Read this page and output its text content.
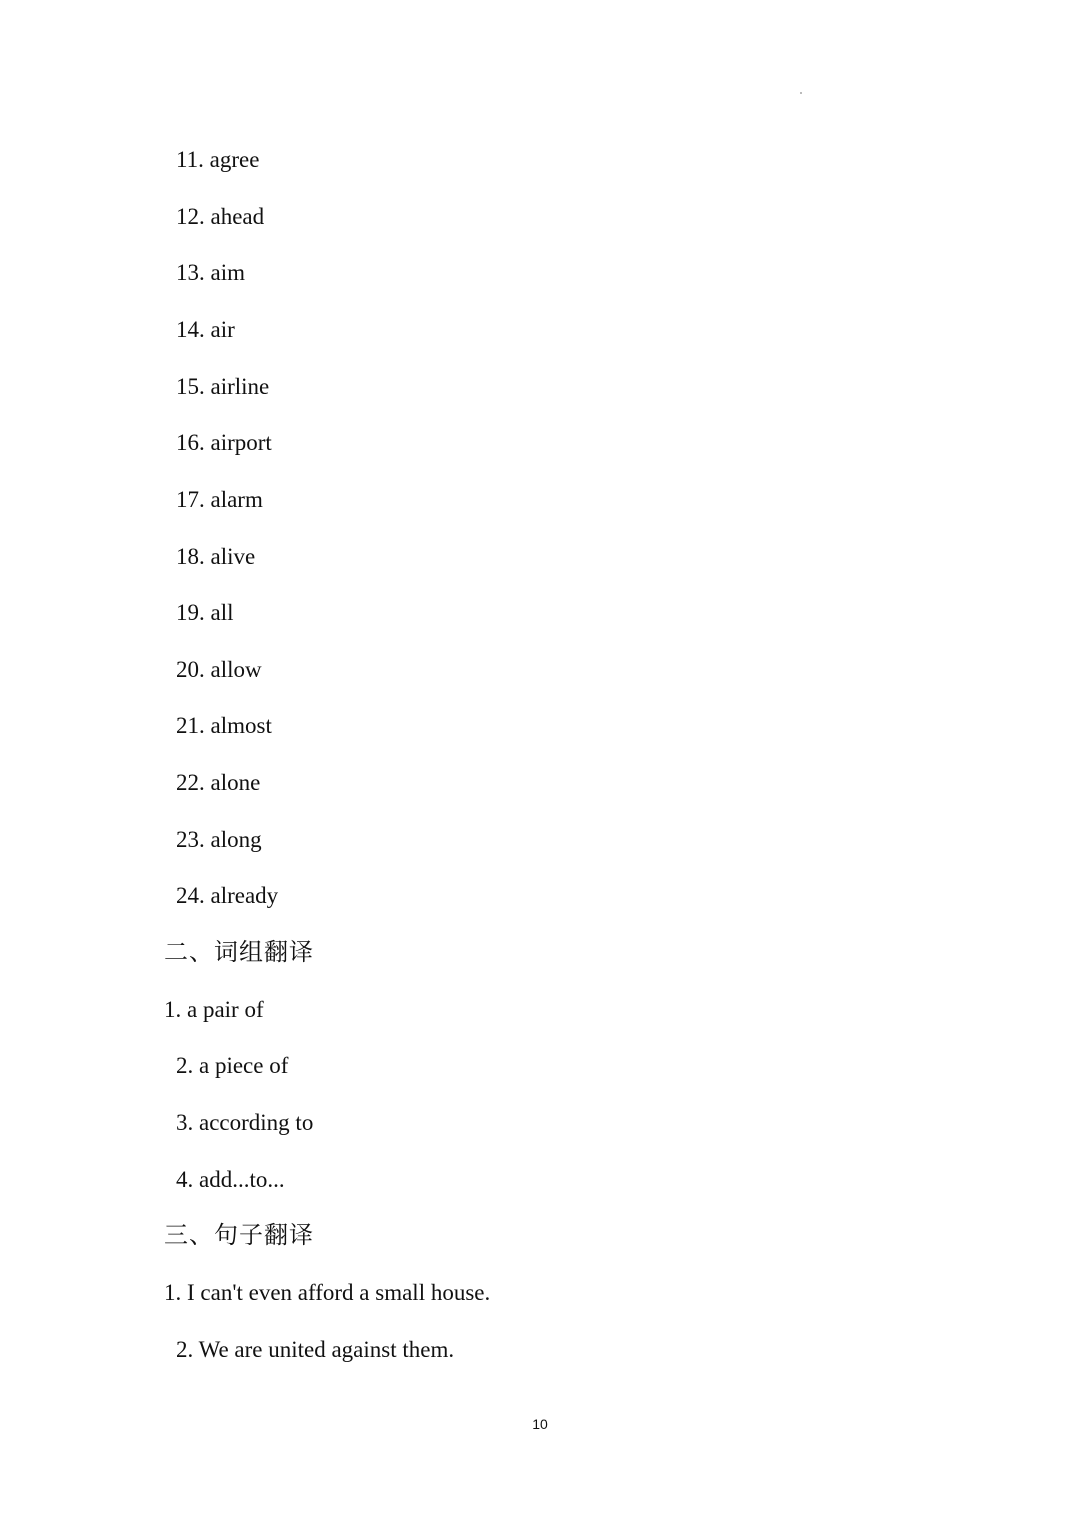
11. agree
12. ahead
13. aim
14. air
15. airline
16. airport
17. alarm
18. alive
19. all
20. allow
21. almost
22. alone
23. along
24. already
二、词组翻译
1. a pair of
2. a piece of
3. according to
4. add...to...
三、句子翻译
1. I can't even afford a small house.
2. We are united against them.
10
